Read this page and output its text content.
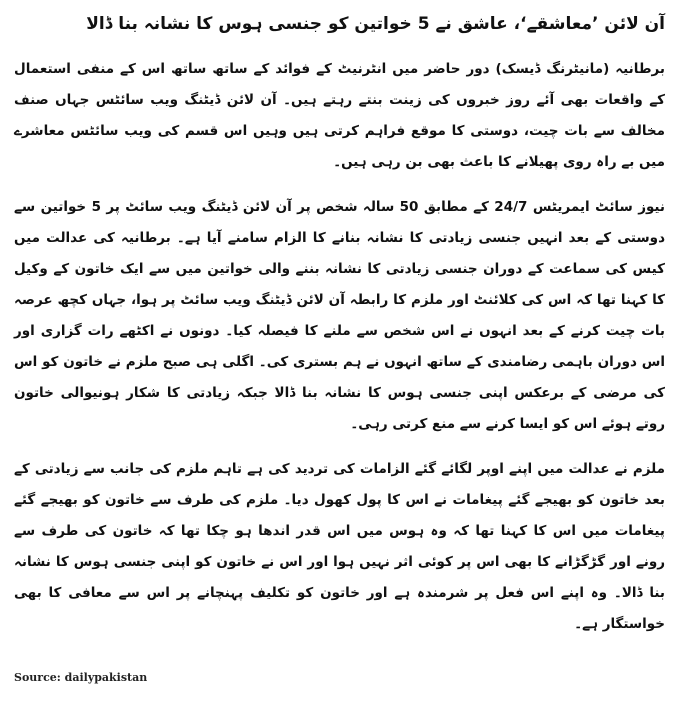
آن لائن ’معاشقے‘، عاشق نے 5 خواتین کو جنسی ہوس کا نشانہ بنا ڈالا

برطانیہ (مانیٹرنگ ڈیسک) دور حاضر میں انٹرنیٹ کے فوائد کے ساتھ ساتھ اس کے منفی استعمال کے واقعات بھی آئے روز خبروں کی زینت بنتے رہتے ہیں۔ آن لائن ڈیٹنگ ویب سائٹس جہاں صنف مخالف سے بات چیت، دوستی کا موقع فراہم کرتی ہیں وہیں اس قسم کی ویب سائٹس معاشرے میں بے راہ روی پھیلانے کا باعث بھی بن رہی ہیں۔

نیوز سائٹ ایمریٹس 24/7 کے مطابق 50 سالہ شخص پر آن لائن ڈیٹنگ ویب سائٹ پر 5 خواتین سے دوستی کے بعد انہیں جنسی زیادتی کا نشانہ بنانے کا الزام سامنے آیا ہے۔ برطانیہ کی عدالت میں کیس کی سماعت کے دوران جنسی زیادتی کا نشانہ بننے والی خواتین میں سے ایک خاتون کے وکیل کا کہنا تھا کہ اس کی کلائنٹ اور ملزم کا رابطہ آن لائن ڈیٹنگ ویب سائٹ پر ہوا، جہاں کچھ عرصہ بات چیت کرنے کے بعد انہوں نے اس شخص سے ملنے کا فیصلہ کیا۔ دونوں نے اکٹھے رات گزاری اور اس دوران باہمی رضامندی کے ساتھ انہوں نے ہم بستری کی۔ اگلی ہی صبح ملزم نے خاتون کو اس کی مرضی کے برعکس اپنی جنسی ہوس کا نشانہ بنا ڈالا جبکہ زیادتی کا شکار ہونیوالی خاتون روتے ہوئے اس کو ایسا کرنے سے منع کرتی رہی۔

ملزم نے عدالت میں اپنے اوپر لگائے گئے الزامات کی تردید کی ہے تاہم ملزم کی جانب سے زیادتی کے بعد خاتون کو بھیجے گئے پیغامات نے اس کا پول کھول دیا۔ ملزم کی طرف سے خاتون کو بھیجے گئے پیغامات میں اس کا کہنا تھا کہ وہ ہوس میں اس قدر اندھا ہو چکا تھا کہ خاتون کی طرف سے رونے اور گڑگڑانے کا بھی اس پر کوئی اثر نہیں ہوا اور اس نے خاتون کو اپنی جنسی ہوس کا نشانہ بنا ڈالا۔ وہ اپنے اس فعل پر شرمندہ ہے اور خاتون کو تکلیف پہنچانے پر اس سے معافی کا بھی خواستگار ہے۔

Source: dailypakistan
